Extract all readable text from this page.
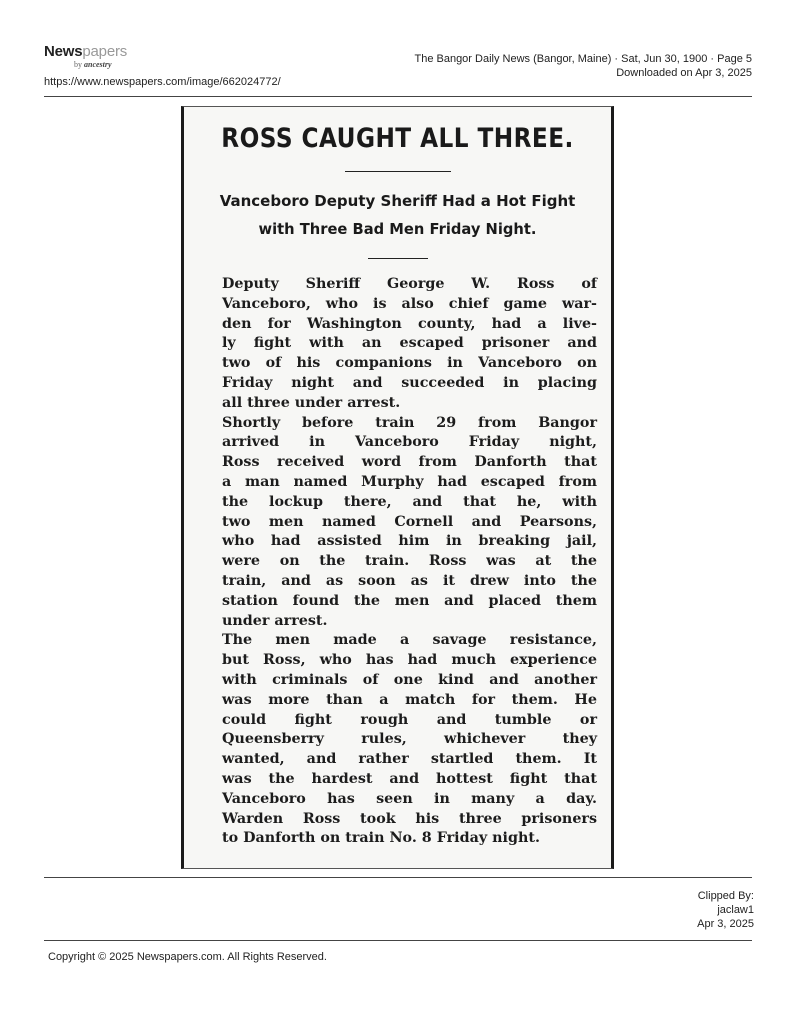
Newspapers
by ancestry
https://www.newspapers.com/image/662024772/
The Bangor Daily News (Bangor, Maine) · Sat, Jun 30, 1900 · Page 5
Downloaded on Apr 3, 2025
ROSS CAUGHT ALL THREE.
Vanceboro Deputy Sheriff Had a Hot Fight
with Three Bad Men Friday Night.

Deputy Sheriff George W. Ross of
Vanceboro, who is also chief game war-
den for Washington county, had a live-
ly fight with an escaped prisoner and
two of his companions in Vanceboro on
Friday night and succeeded in placing
all three under arrest.

Shortly before train 29 from Bangor
arrived in Vanceboro Friday night,
Ross received word from Danforth that
a man named Murphy had escaped from
the lockup there, and that he, with
two men named Cornell and Pearsons,
who had assisted him in breaking jail,
were on the train. Ross was at the
train, and as soon as it drew into the
station found the men and placed them
under arrest.

The men made a savage resistance,
but Ross, who has had much experience
with criminals of one kind and another
was more than a match for them. He
could fight rough and tumble or
Queensberry rules, whichever they
wanted, and rather startled them. It
was the hardest and hottest fight that
Vanceboro has seen in many a day.
Warden Ross took his three prisoners
to Danforth on train No. 8 Friday night.

Clipped By:
jaclaw1
Apr 3, 2025
Copyright © 2025 Newspapers.com. All Rights Reserved.
